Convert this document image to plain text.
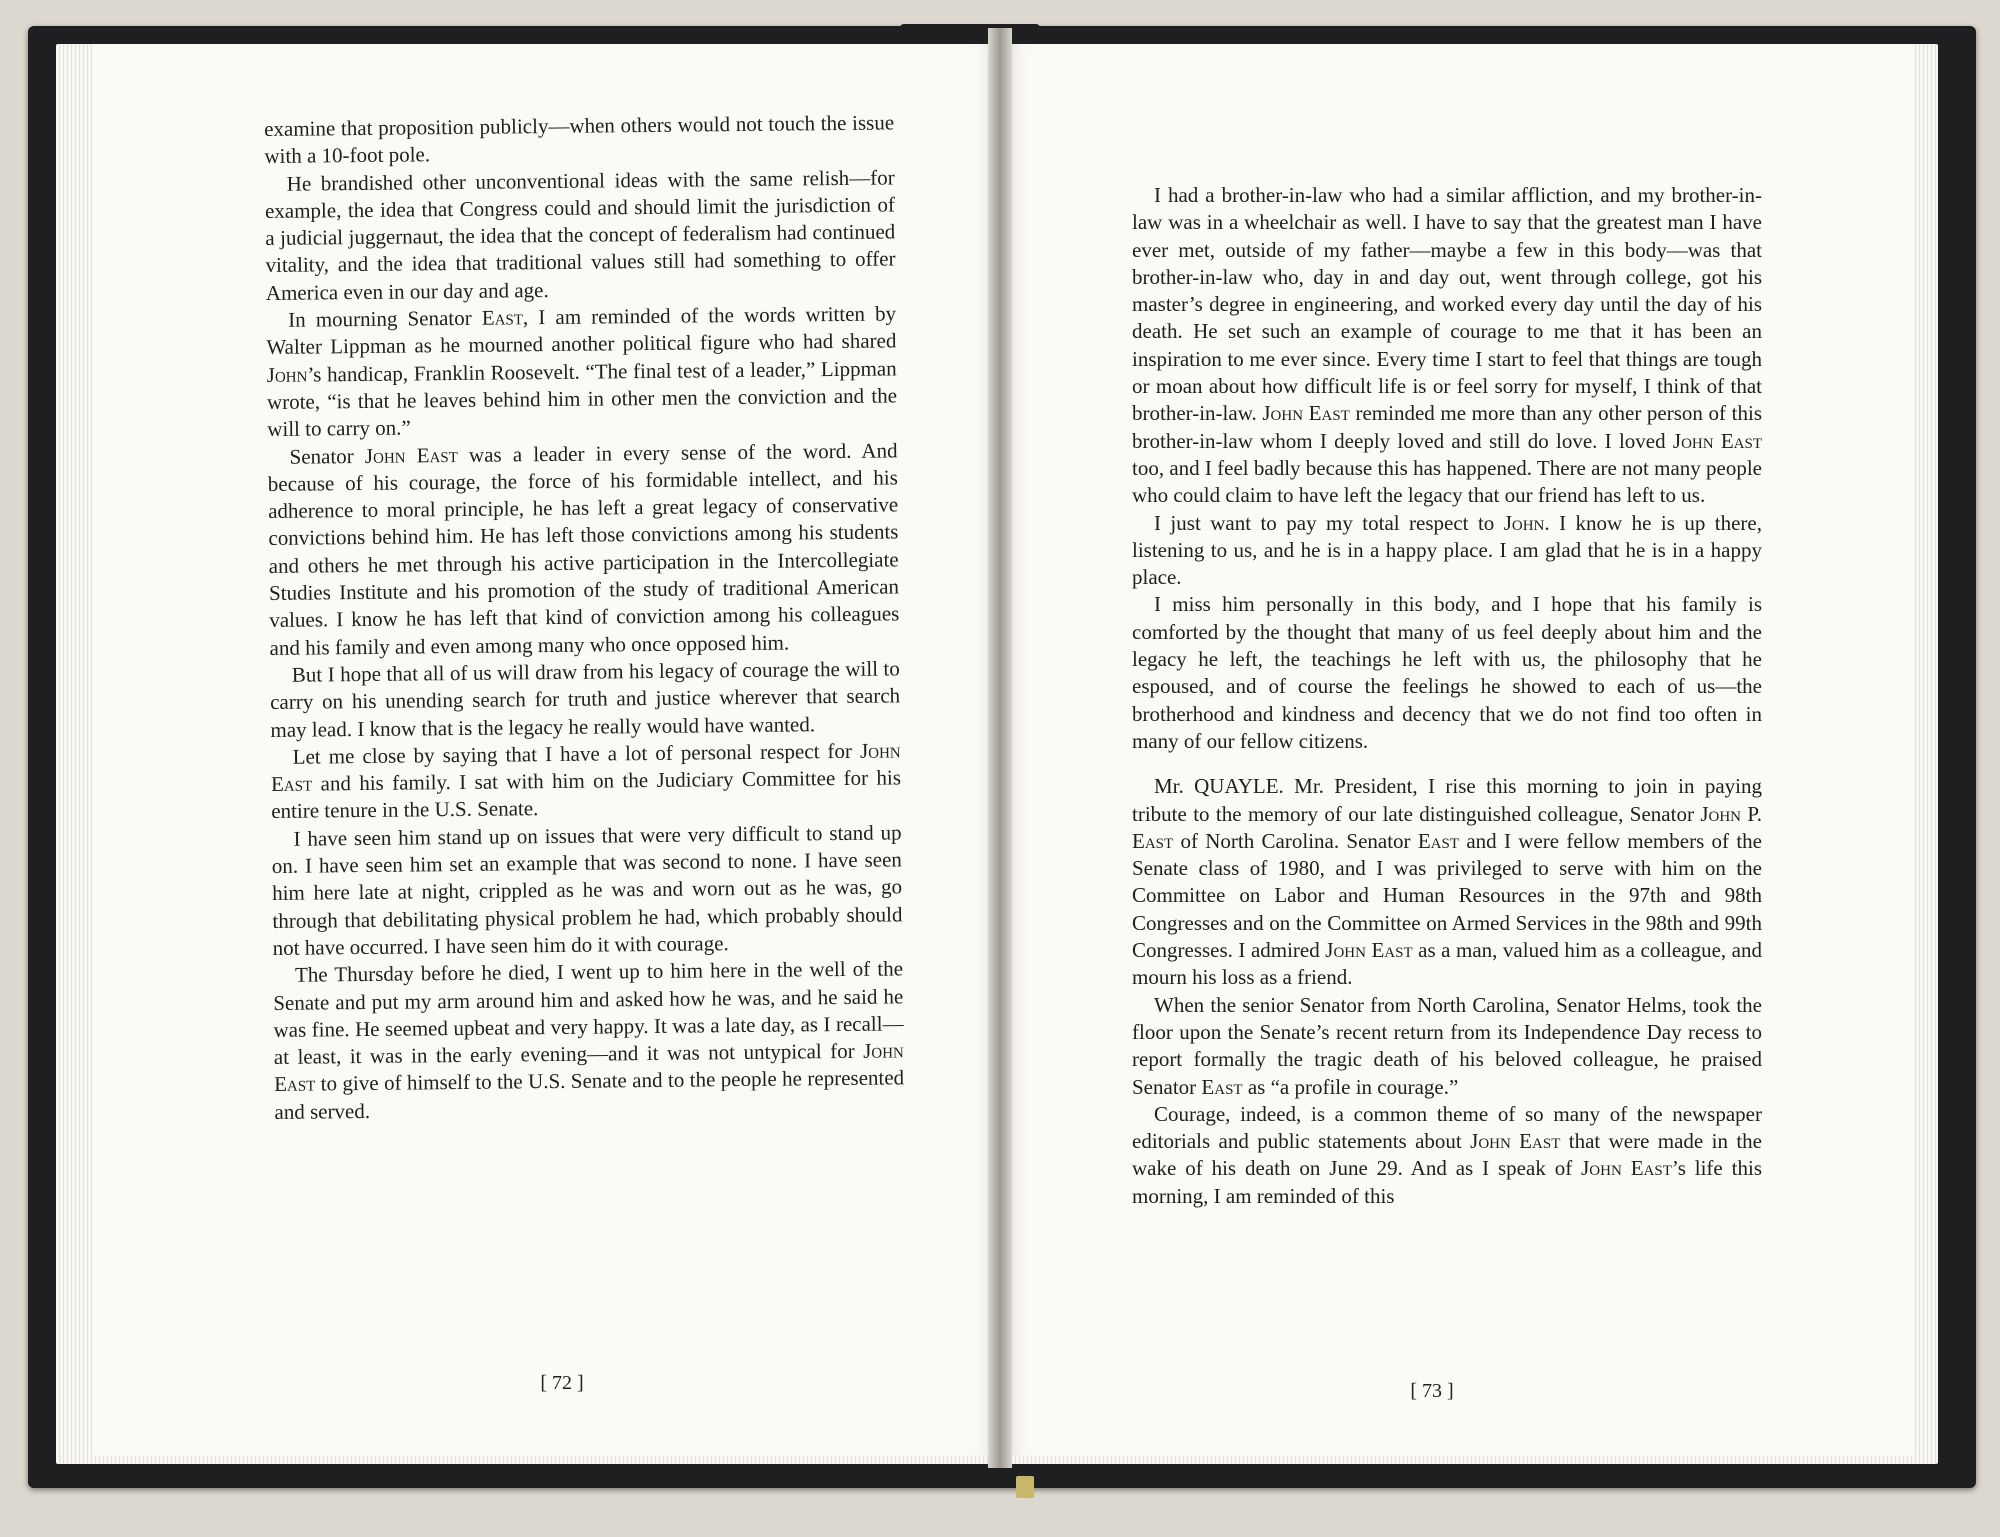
examine that proposition publicly—when others would not touch the issue with a 10-foot pole.

He brandished other unconventional ideas with the same relish—for example, the idea that Congress could and should limit the jurisdiction of a judicial juggernaut, the idea that the concept of federalism had continued vitality, and the idea that traditional values still had something to offer America even in our day and age.

In mourning Senator East, I am reminded of the words written by Walter Lippman as he mourned another political figure who had shared John’s handicap, Franklin Roosevelt. “The final test of a leader,” Lippman wrote, “is that he leaves behind him in other men the conviction and the will to carry on.”

Senator John East was a leader in every sense of the word. And because of his courage, the force of his formidable intellect, and his adherence to moral principle, he has left a great legacy of conservative convictions behind him. He has left those convictions among his students and others he met through his active participation in the Intercollegiate Studies Institute and his promotion of the study of traditional American values. I know he has left that kind of conviction among his colleagues and his family and even among many who once opposed him.

But I hope that all of us will draw from his legacy of courage the will to carry on his unending search for truth and justice wherever that search may lead. I know that is the legacy he really would have wanted.

Let me close by saying that I have a lot of personal respect for John East and his family. I sat with him on the Judiciary Committee for his entire tenure in the U.S. Senate.

I have seen him stand up on issues that were very difficult to stand up on. I have seen him set an example that was second to none. I have seen him here late at night, crippled as he was and worn out as he was, go through that debilitating physical problem he had, which probably should not have occurred. I have seen him do it with courage.

The Thursday before he died, I went up to him here in the well of the Senate and put my arm around him and asked how he was, and he said he was fine. He seemed upbeat and very happy. It was a late day, as I recall—at least, it was in the early evening—and it was not untypical for John East to give of himself to the U.S. Senate and to the people he represented and served.

[ 72 ]

I had a brother-in-law who had a similar affliction, and my brother-in-law was in a wheelchair as well. I have to say that the greatest man I have ever met, outside of my father—maybe a few in this body—was that brother-in-law who, day in and day out, went through college, got his master’s degree in engineering, and worked every day until the day of his death. He set such an example of courage to me that it has been an inspiration to me ever since. Every time I start to feel that things are tough or moan about how difficult life is or feel sorry for myself, I think of that brother-in-law. John East reminded me more than any other person of this brother-in-law whom I deeply loved and still do love. I loved John East too, and I feel badly because this has happened. There are not many people who could claim to have left the legacy that our friend has left to us.

I just want to pay my total respect to John. I know he is up there, listening to us, and he is in a happy place. I am glad that he is in a happy place.

I miss him personally in this body, and I hope that his family is comforted by the thought that many of us feel deeply about him and the legacy he left, the teachings he left with us, the philosophy that he espoused, and of course the feelings he showed to each of us—the brotherhood and kindness and decency that we do not find too often in many of our fellow citizens.

Mr. QUAYLE. Mr. President, I rise this morning to join in paying tribute to the memory of our late distinguished colleague, Senator John P. East of North Carolina. Senator East and I were fellow members of the Senate class of 1980, and I was privileged to serve with him on the Committee on Labor and Human Resources in the 97th and 98th Congresses and on the Committee on Armed Services in the 98th and 99th Congresses. I admired John East as a man, valued him as a colleague, and mourn his loss as a friend.

When the senior Senator from North Carolina, Senator Helms, took the floor upon the Senate’s recent return from its Independence Day recess to report formally the tragic death of his beloved colleague, he praised Senator East as “a profile in courage.”

Courage, indeed, is a common theme of so many of the newspaper editorials and public statements about John East that were made in the wake of his death on June 29. And as I speak of John East’s life this morning, I am reminded of this

[ 73 ]
